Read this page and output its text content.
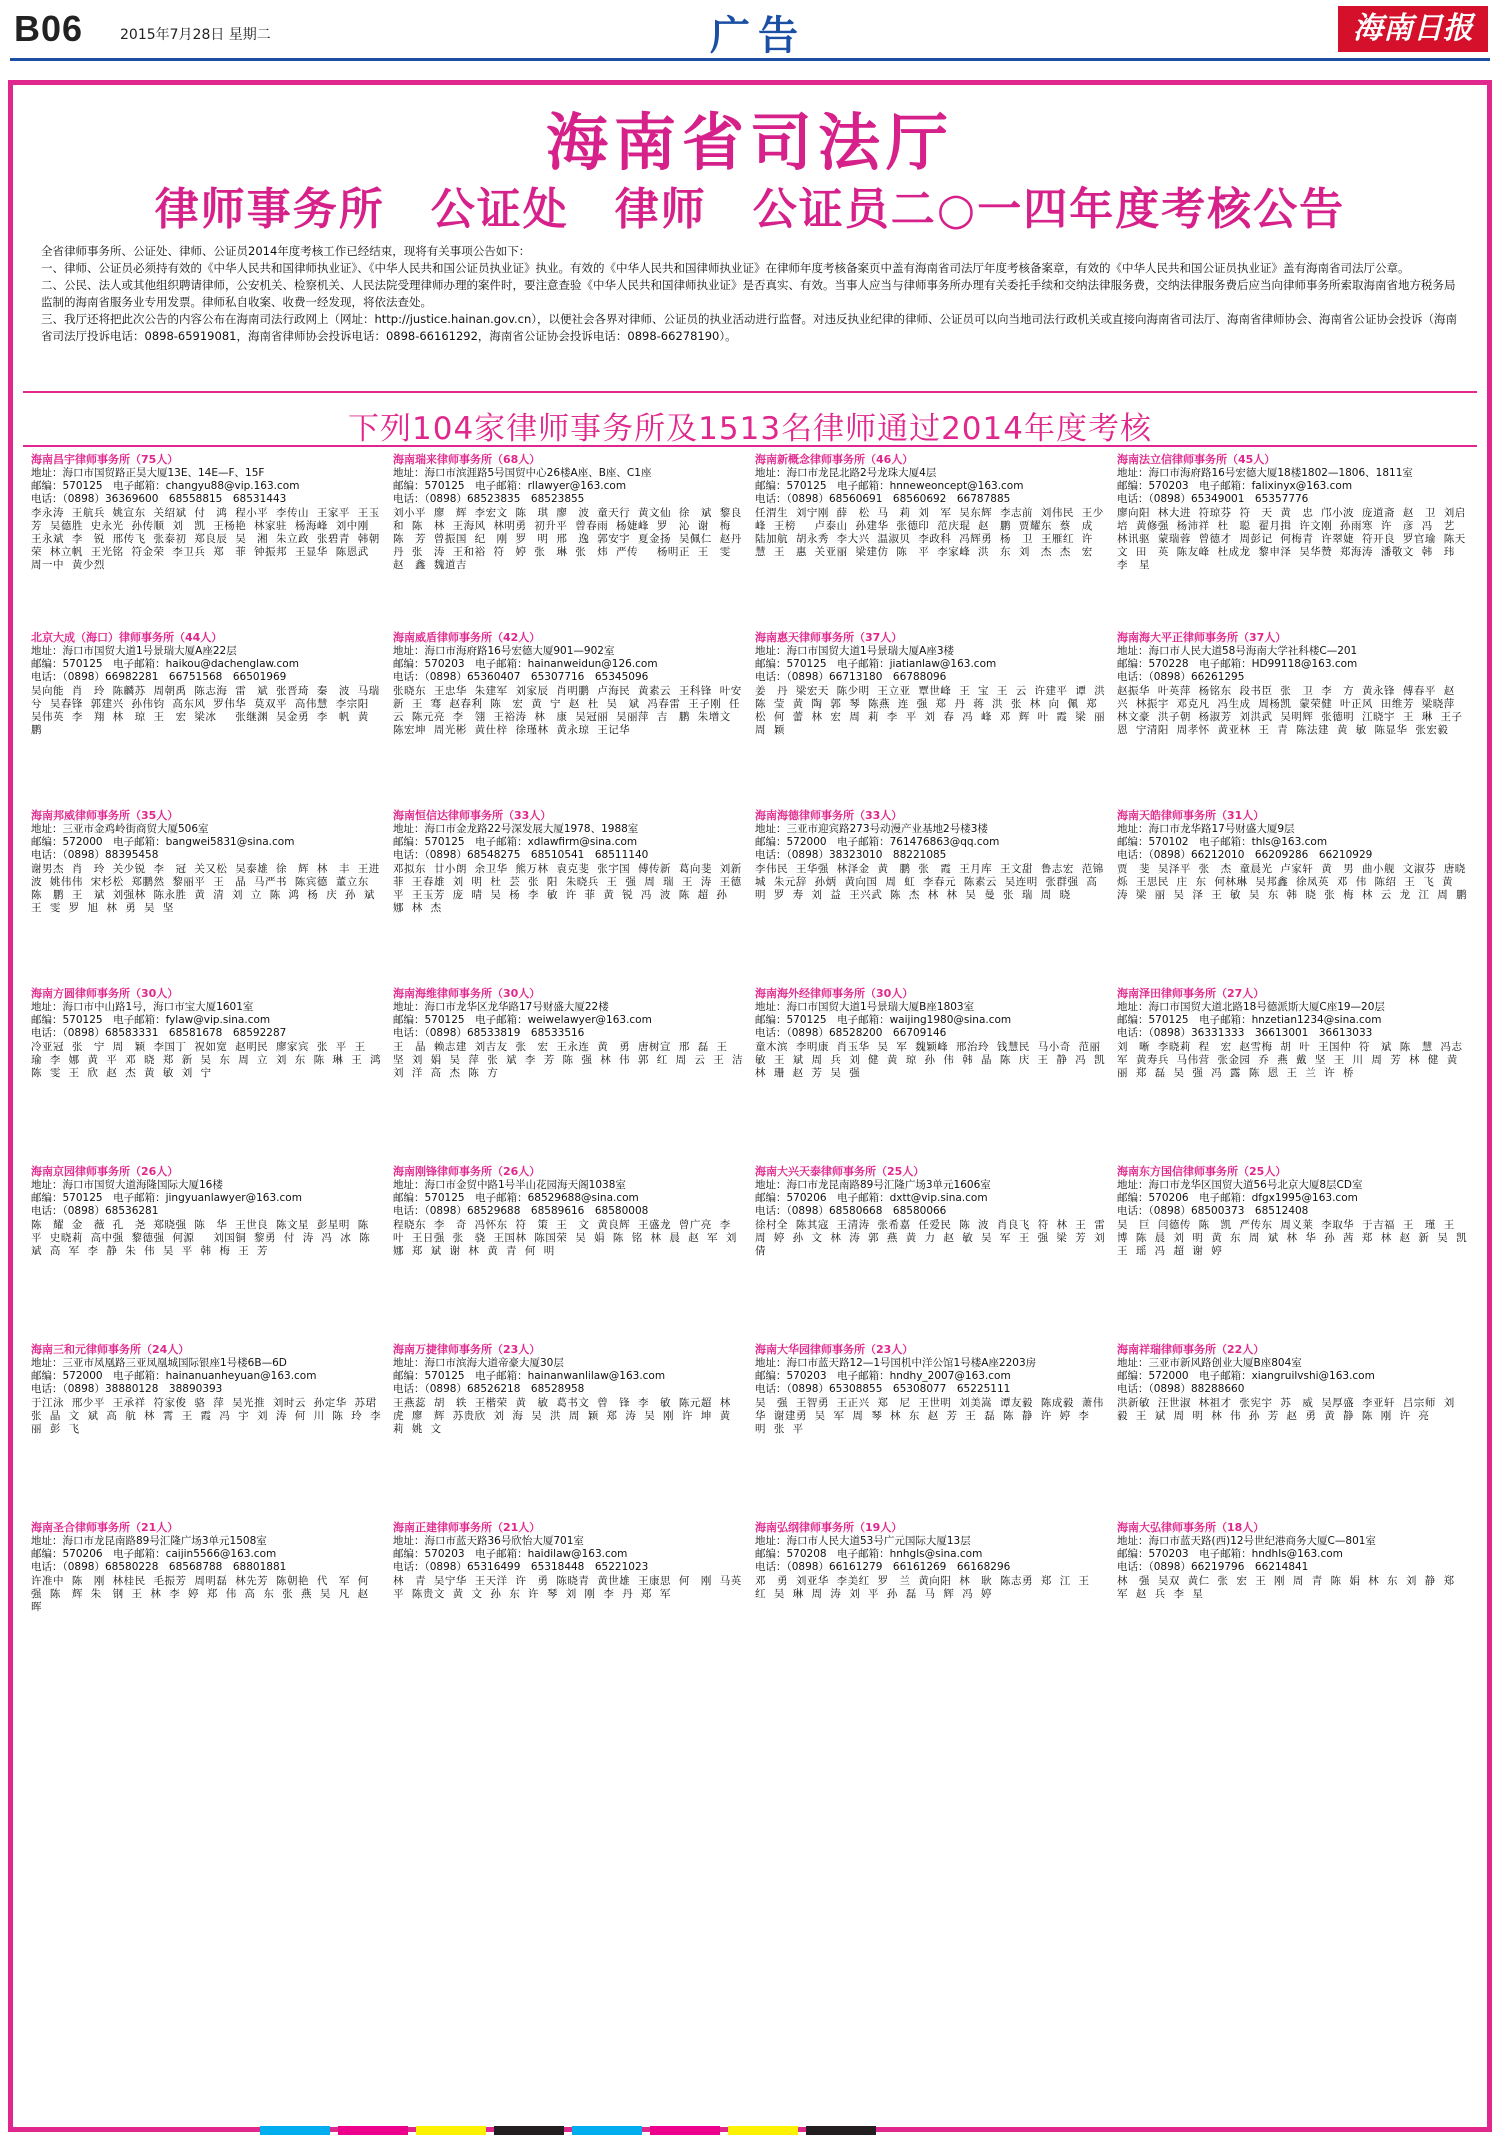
B06	2015年7月28日 星期二	广告	海南日报
海南省司法厅
律师事务所　公证处　律师　公证员二○一四年度考核公告

全省律师事务所、公证处、律师、公证员2014年度考核工作已经结束，现将有关事项公告如下：

一、律师、公证员必须持有效的《中华人民共和国律师执业证》、《中华人民共和国公证员执业证》执业。有效的《中华人民共和国律师执业证》在律师年度考核备案页中盖有海南省司法厅年度考核备案章，有效的《中华人民共和国公证员执业证》盖有海南省司法厅公章。

二、公民、法人或其他组织聘请律师，公安机关、检察机关、人民法院受理律师办理的案件时，要注意查验《中华人民共和国律师执业证》是否真实、有效。当事人应当与律师事务所办理有关委托手续和交纳法律服务费，交纳法律服务费后应当向律师事务所索取海南省地方税务局监制的海南省服务业专用发票。律师私自收案、收费一经发现，将依法查处。

三、我厅还将把此次公告的内容公布在海南司法行政网上（网址：http://justice.hainan.gov.cn），以便社会各界对律师、公证员的执业活动进行监督。对违反执业纪律的律师、公证员可以向当地司法行政机关或直接向海南省司法厅、海南省律师协会、海南省公证协会投诉（海南省司法厅投诉电话：0898-65919081，海南省律师协会投诉电话：0898-66161292，海南省公证协会投诉电话：0898-66278190）。

下列104家律师事务所及1513名律师通过2014年度考核
海南昌宇律师事务所（75人）
地址：海口市国贸路正昊大厦13E、14E—F、15F
邮编：570125　电子邮箱：changyu88@vip.163.com
电话：（0898）36369600　68558815　68531443
李永涛 王航兵 姚宣东 关绍斌 付　鸿 程小平 李传山 王家平 王玉芳 吴德胜 史永光 孙传顺 刘　凯 王杨艳 林家驻 杨海峰 刘中刚 王永斌 李　锐 邢传飞 张泰初 郑良辰 吴　湘 朱立政 张碧青 韩朝荣 林立帆 王光铭 符金荣 李卫兵 郑　菲 钟振邦 王显华 陈恩武 周一中 黄少烈
北京大成（海口）律师事务所（44人）
地址：海口市国贸大道1号景瑞大厦A座22层
邮编：570125　电子邮箱：haikou@dachenglaw.com
电话：（0898）66982281　66751568　66501969
吴向能 肖　玲 陈麟苏 周朝禹 陈志海 雷　斌 张晋琦 秦　波 马瑞兮 吴春锋 郭建兴 孙伟钧 高东风 罗伟华 莫双平 高伟慧 李宗阳 吴伟英 李　翔 林　琼 王　宏 梁冰　 张继渊 吴金勇 李　帆 黄　鹏
海南邦威律师事务所（35人）
地址：三亚市金鸡岭街商贸大厦506室
邮编：572000　电子邮箱：bangwei5831@sina.com
电话：（0898）88395458
谢男杰 肖　玲 关少锐 李　冠 关又松 吴泰雄 徐　辉 林　丰 王进波 姚伟伟 宋杉松 郑鹏然 黎丽平 王　晶 马严书 陈宾德 董立东 陈　鹏 王　斌 刘强林 陈永胜 黄 清 刘 立 陈 鸿 杨 庆 孙 斌 王 雯 罗 旭 林 勇 吴 坚
海南方圆律师事务所（30人）
地址：海口市中山路1号，海口市宝大厦1601室
邮编：570125　电子邮箱：fylaw@vip.sina.com
电话：（0898）68583331　68581678　68592287
冷亚冠 张　宁 周　颖 李国丁 祝如宽 赵明民 廖家宾 张 平 王 瑜 李 娜 黄 平 邓 晓 郑 新 吴 东 周 立 刘 东 陈 琳 王 鸿 陈 雯 王 欣 赵 杰 黄 敏 刘 宁
海南京园律师事务所（26人）
地址：海口市国贸大道海隆国际大厦16楼
邮编：570125　电子邮箱：jingyuanlawyer@163.com
电话：（0898）68536281
陈　耀 金　薇 孔　尧 郑晓强 陈　华 王世良 陈文星 彭星明 陈　平 史晓莉 高中强 黎德强 何源　 刘国铜 黎勇 付 涛 冯 冰 陈 斌 高 军 李 静 朱 伟 吴 平 韩 梅 王 芳
海南三和元律师事务所（24人）
地址：三亚市凤凰路三亚凤凰城国际银座1号楼6B—6D
邮编：572000　电子邮箱：hainanuanheyuan@163.com
电话：（0898）38880128　38890393
于江泳 邢少平 王承祥 符家俊 骆 萍 吴光推 刘时云 孙定华 苏珺 张 晶 文 斌 高 航 林 霄 王 霞 冯 宇 刘 涛 何 川 陈 玲 李 丽 彭 飞
海南圣合律师事务所（21人）
地址：海口市龙昆南路89号汇隆广场3单元1508室
邮编：570206　电子邮箱：caijin5566@163.com
电话：（0898）68580228　68568788　68801881
许准中 陈　刚 林桂民 毛振芳 周明磊 林先芳 陈朝艳 代　军 何　强 陈　辉 朱　钢 王 林 李 婷 郑 伟 高 东 张 燕 吴 凡 赵 晖
海南瑞来律师事务所（68人）
地址：海口市滨涯路5号国贸中心26楼A座、B座、C1座
邮编：570125　电子邮箱：rllawyer@163.com
电话：（0898）68523835　68523855
刘小平 廖　辉 李宏文 陈　琪 廖　波 童天行 黄文仙 徐　斌 黎良和 陈　林 王海风 林明勇 初升平 曾春雨 杨婕峰 罗　沁 谢　梅 陈　芳 曾振国 纪　刚 罗　明 邢　逸 郭安宇 夏金扬 吴佩仁 赵丹丹 张　涛 王和裕 符　婷 张　琳 张　炜 严传　 杨明正 王　雯 赵　鑫 魏道吉
海南威盾律师事务所（42人）
地址：海口市海府路16号宏德大厦901—902室
邮编：570203　电子邮箱：hainanweidun@126.com
电话：（0898）65360407　65307716　65345096
张晓东 王忠华 朱建军 刘家辰 肖明鹏 卢海民 黄素云 王科锋 叶安新 王 骞 赵春利 陈　宏 黄 宁 赵 杜 吴　斌 冯春雷 王子刚 任　云 陈元亮 李　翎 王裕涛 林　康 吴冠丽 吴丽萍 吉　鹏 朱增文 陈宏坤 周光彬 黄仕梓 徐瑾林 黄永琼 王记华
海南恒信达律师事务所（33人）
地址：海口市金龙路22号深发展大厦1978、1988室
邮编：570125　电子邮箱：xdlawfirm@sina.com
电话：（0898）68548275　68510541　68511140
邓拟东 廿小朗 余卫华 熊万林 袁克斐 张宇国 傅传新 葛向斐 刘新菲 王春雄 刘 明 杜 芸 张 阳 朱晓兵 王 强 周 瑞 王 涛 王德平 王玉芳 庞 晴 吴 杨 李 敏 许 菲 黄 锐 冯 波 陈 超 孙 娜 林 杰
海南海维律师事务所（30人）
地址：海口市龙华区龙华路17号财盛大厦22楼
邮编：570125　电子邮箱：weiwelawyer@163.com
电话：（0898）68533819　68533516
王　晶 赖志建 刘吉友 张　宏 王永连 黄　勇 唐树宣 邢 磊 王 坚 刘 娟 吴 萍 张 斌 李 芳 陈 强 林 伟 郭 红 周 云 王 洁 刘 洋 高 杰 陈 方
海南刚锋律师事务所（26人）
地址：海口市金贸中路1号半山花园海天阁1038室
邮编：570125　电子邮箱：68529688@sina.com
电话：（0898）68529688　68589616　68580008
程晓东 李　奇 冯怀东 符　策 王　文 黄良辉 王盛龙 曾广亮 李　叶 王日强 张　骁 王国林 陈国荣 吴 娟 陈 铭 林 晨 赵 军 刘 娜 郑 斌 谢 林 黄 青 何 明
海南万捷律师事务所（23人）
地址：海口市滨海大道帝豪大厦30层
邮编：570125　电子邮箱：hainanwanlilaw@163.com
电话：（0898）68526218　68528958
王燕蕊 胡　轶 王楷荣 黄　敏 葛书文 曾　锋 李　敏 陈元超 林　虎 廖　辉 苏贵欣 刘 海 吴 洪 周 颖 郑 涛 吴 刚 许 坤 黄 莉 姚 文
海南正建律师事务所（21人）
地址：海口市蓝天路36号欣怡大厦701室
邮编：570203　电子邮箱：haidilaw@163.com
电话：（0898）65316499　65318448　65221023
林　青 吴宁华 王天洋 许　勇 陈晓青 黄世雄 王康思 何　刚 马英平 陈贵文 黄 文 孙 东 许 琴 刘 刚 李 丹 郑 军
海南新概念律师事务所（46人）
地址：海口市龙昆北路2号龙珠大厦4层
邮编：570125　电子邮箱：hnneweoncept@163.com
电话：（0898）68560691　68560692　66787885
任渭生 刘宁刚 薛　松 马　莉 刘　军 吴东辉 李志前 刘伟民 王少峰 王榜　 卢泰山 孙建华 张德印 范庆琨 赵　鹏 贾耀东 蔡　成 陆加航 胡永秀 李大兴 温淑贝 李政科 冯辉勇 杨　卫 王雁红 许　慧 王　惠 关亚丽 梁建仿 陈　平 李家峰 洪　东 刘　杰 杰　宏
海南惠天律师事务所（37人）
地址：海口市国贸大道1号景瑞大厦A座3楼
邮编：570125　电子邮箱：jiatianlaw@163.com
电话：（0898）66713180　66788096
姜　丹 梁宏天 陈少明 王立亚 覃世峰 王 宝 王 云 许建平 谭 洪 陈 莹 黄 陶 郭 琴 陈燕 连 强 郑 丹 蒋 洪 张 林 向 佩 郑 松 何 蕾 林 宏 周 莉 李 平 刘 春 冯 峰 邓 辉 叶 霞 梁 丽 周 颖
海南海德律师事务所（33人）
地址：三亚市迎宾路273号动漫产业基地2号楼3楼
邮编：572000　电子邮箱：761476863@qq.com
电话：（0898）38323010　88221085
李伟民 王华强 林泽金 黄　鹏 张　霞 王月库 王文甜 鲁志宏 范锦城 朱元辞 孙炳 黄向国 周 虹 李春元 陈素云 吴连明 张群强 高明 罗 寿 刘 益 王兴武 陈 杰 林 林 吴 曼 张 瑞 周 晓
海南海外经律师事务所（30人）
地址：海口市国贸大道1号景瑞大厦B座1803室
邮编：570125　电子邮箱：waijing1980@sina.com
电话：（0898）68528200　66709146
童木滨 李明康 肖玉华 吴 军 魏颖峰 邢治玲 钱慧民 马小奇 范丽敏 王 斌 周 兵 刘 健 黄 琼 孙 伟 韩 晶 陈 庆 王 静 冯 凯 林 珊 赵 芳 吴 强
海南大兴天泰律师事务所（25人）
地址：海口市龙昆南路89号汇隆广场3单元1606室
邮编：570206　电子邮箱：dxtt@vip.sina.com
电话：（0898）68580668　68580066
徐村全 陈其寇 王清涛 张希嘉 任爱民 陈 波 肖良飞 符 林 王 雷 周 婷 孙 文 林 涛 郭 燕 黄 力 赵 敏 吴 军 王 强 梁 芳 刘 倩
海南大华园律师事务所（23人）
地址：海口市蓝天路12—1号国机中洋公馆1号楼A座2203房
邮编：570203　电子邮箱：hndhy_2007@163.com
电话：（0898）65308855　65308077　65225111
吴　强 王智勇 王正兴 郑　尼 王世明 刘美嵩 谭友毅 陈成毅 萧伟华 谢建勇 吴 军 周 琴 林 东 赵 芳 王 磊 陈 静 许 婷 李 明 张 平
海南弘纲律师事务所（19人）
地址：海口市人民大道53号广元国际大厦13层
邮编：570208　电子邮箱：hnhgls@sina.com
电话：（0898）66161279　66161269　66168296
邓　勇 刘亚华 李美红 罗　兰 黄向阳 林　耿 陈志勇 郑 江 王 红 吴 琳 周 涛 刘 平 孙 磊 马 辉 冯 婷
海南法立信律师事务所（45人）
地址：海口市海府路16号宏德大厦18楼1802—1806、1811室
邮编：570203　电子邮箱：falixinyx@163.com
电话：（0898）65349001　65357776
廖向阳 林大进 符琼芬 符　天 黄　忠 邝小波 庞道斋 赵　卫 刘启培 黄修强 杨沛祥 杜　聪 翟月揖 许文刚 孙雨寒 许　彦 冯　艺 林讯驱 蒙瑞蓉 曾德才 周彭记 何梅青 许翠婕 符开良 罗官瑜 陈天文 田　英 陈友峰 杜成龙 黎申泽 吴华赞 郑海涛 潘敬文 韩　玮 李　星
海南海大平正律师事务所（37人）
地址：海口市人民大道58号海南大学社科楼C—201
邮编：570228　电子邮箱：HD99118@163.com
电话：（0898）66261295
赵振华 叶英萍 杨铭东 段书臣 张　卫 李　方 黄永锋 傅春平 赵　兴 林振宇 邓克凡 冯生成 周杨凯 蒙荣健 叶正风 田维芳 梁晓萍 林文豪 洪子朝 杨淑芳 刘洪武 吴明辉 张德明 江晓宇 王 琳 王子恩 宁清阳 周孝怀 黄亚林 王 青 陈法建 黄 敏 陈显华 张宏毅
海南天皓律师事务所（31人）
地址：海口市龙华路17号财盛大厦9层
邮编：570102　电子邮箱：thls@163.com
电话：（0898）66212010　66209286　66210929
贾　斐 吴泽平 张　杰 童晨光 卢家轩 黄　男 曲小舰 文淑芬 唐晓烁 王思民 庄 东 何林琳 吴邦鑫 徐凤英 邓 伟 陈绍 王 飞 黄 涛 梁 丽 吴 泽 王 敏 吴 东 韩 晓 张 梅 林 云 龙 江 周 鹏
海南泽田律师事务所（27人）
地址：海口市国贸大道北路18号德派斯大厦C座19—20层
邮编：570125　电子邮箱：hnzetian1234@sina.com
电话：（0898）36331333　36613001　36613033
刘　晰 李晓莉 程　宏 赵雪梅 胡 叶 王国仲 符　斌 陈　慧 冯志军 黄寿兵 马伟营 张金园 乔 燕 戴 坚 王 川 周 芳 林 健 黄 丽 郑 磊 吴 强 冯 露 陈 恩 王 兰 许 桥
海南东方国信律师事务所（25人）
地址：海口市龙华区国贸大道56号北京大厦8层CD室
邮编：570206　电子邮箱：dfgx1995@163.com
电话：（0898）68500373　68512408
吴　巨 闫德传 陈　凯 严传东 周义莱 李取华 于吉福 王　瑾 王 博 陈 晨 刘 明 黄 东 周 斌 林 华 孙 茜 郑 林 赵 新 吴 凯 王 瑶 冯 超 谢 婷
海南祥瑞律师事务所（22人）
地址：三亚市新风路创业大厦B座804室
邮编：572000　电子邮箱：xiangruilvshi@163.com
电话：（0898）88288660
洪新敏 汪世淑 林祖才 张宪宇 苏　威 吴厚盛 李亚轩 吕宗师 刘 毅 王 斌 周 明 林 伟 孙 芳 赵 勇 黄 静 陈 刚 许 亮
海南大弘律师事务所（18人）
地址：海口市蓝天路(西)12号世纪港商务大厦C—801室
邮编：570203　电子邮箱：hndhls@163.com
电话：（0898）66219796　66214841
林　强 吴双 黄仁 张 宏 王 刚 周 青 陈 娟 林 东 刘 静 郑 军 赵 兵 李 星
